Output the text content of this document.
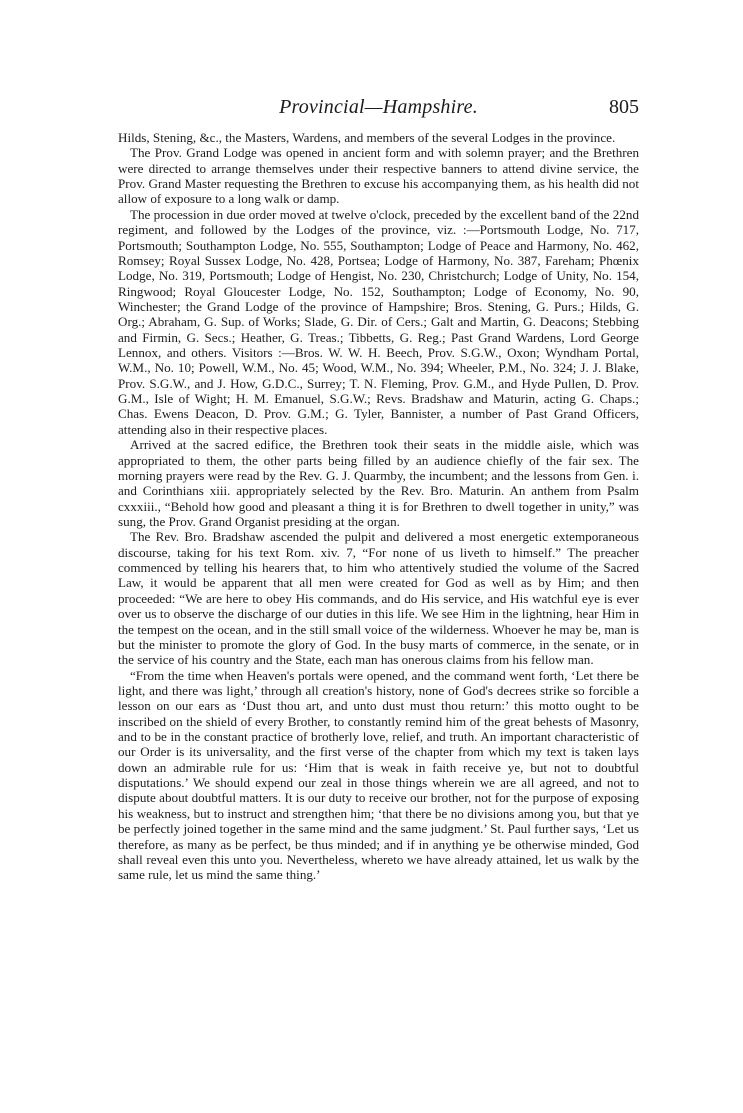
Provincial—Hampshire.	805

Hilds, Stening, &c., the Masters, Wardens, and members of the several Lodges in the province.

The Prov. Grand Lodge was opened in ancient form and with solemn prayer; and the Brethren were directed to arrange themselves under their respective banners to attend divine service, the Prov. Grand Master requesting the Brethren to excuse his accompanying them, as his health did not allow of exposure to a long walk or damp.

The procession in due order moved at twelve o'clock, preceded by the excellent band of the 22nd regiment, and followed by the Lodges of the province, viz. :—Portsmouth Lodge, No. 717, Portsmouth; Southampton Lodge, No. 555, Southampton; Lodge of Peace and Harmony, No. 462, Romsey; Royal Sussex Lodge, No. 428, Portsea; Lodge of Harmony, No. 387, Fareham; Phœnix Lodge, No. 319, Portsmouth; Lodge of Hengist, No. 230, Christchurch; Lodge of Unity, No. 154, Ringwood; Royal Gloucester Lodge, No. 152, Southampton; Lodge of Economy, No. 90, Winchester; the Grand Lodge of the province of Hampshire; Bros. Stening, G. Purs.; Hilds, G. Org.; Abraham, G. Sup. of Works; Slade, G. Dir. of Cers.; Galt and Martin, G. Deacons; Stebbing and Firmin, G. Secs.; Heather, G. Treas.; Tibbetts, G. Reg.; Past Grand Wardens, Lord George Lennox, and others. Visitors :—Bros. W. W. H. Beech, Prov. S.G.W., Oxon; Wyndham Portal, W.M., No. 10; Powell, W.M., No. 45; Wood, W.M., No. 394; Wheeler, P.M., No. 324; J. J. Blake, Prov. S.G.W., and J. How, G.D.C., Surrey; T. N. Fleming, Prov. G.M., and Hyde Pullen, D. Prov. G.M., Isle of Wight; H. M. Emanuel, S.G.W.; Revs. Bradshaw and Maturin, acting G. Chaps.; Chas. Ewens Deacon, D. Prov. G.M.; G. Tyler, Bannister, a number of Past Grand Officers, attending also in their respective places.

Arrived at the sacred edifice, the Brethren took their seats in the middle aisle, which was appropriated to them, the other parts being filled by an audience chiefly of the fair sex. The morning prayers were read by the Rev. G. J. Quarmby, the incumbent; and the lessons from Gen. i. and Corinthians xiii. appropriately selected by the Rev. Bro. Maturin. An anthem from Psalm cxxxiii., “Behold how good and pleasant a thing it is for Brethren to dwell together in unity,” was sung, the Prov. Grand Organist presiding at the organ.

The Rev. Bro. Bradshaw ascended the pulpit and delivered a most energetic extemporaneous discourse, taking for his text Rom. xiv. 7, “For none of us liveth to himself.” The preacher commenced by telling his hearers that, to him who attentively studied the volume of the Sacred Law, it would be apparent that all men were created for God as well as by Him; and then proceeded: “We are here to obey His commands, and do His service, and His watchful eye is ever over us to observe the discharge of our duties in this life. We see Him in the lightning, hear Him in the tempest on the ocean, and in the still small voice of the wilderness. Whoever he may be, man is but the minister to promote the glory of God. In the busy marts of commerce, in the senate, or in the service of his country and the State, each man has onerous claims from his fellow man.

“From the time when Heaven's portals were opened, and the command went forth, ‘Let there be light, and there was light,’ through all creation's history, none of God's decrees strike so forcible a lesson on our ears as ‘Dust thou art, and unto dust must thou return:’ this motto ought to be inscribed on the shield of every Brother, to constantly remind him of the great behests of Masonry, and to be in the constant practice of brotherly love, relief, and truth. An important characteristic of our Order is its universality, and the first verse of the chapter from which my text is taken lays down an admirable rule for us: ‘Him that is weak in faith receive ye, but not to doubtful disputations.’ We should expend our zeal in those things wherein we are all agreed, and not to dispute about doubtful matters. It is our duty to receive our brother, not for the purpose of exposing his weakness, but to instruct and strengthen him; ‘that there be no divisions among you, but that ye be perfectly joined together in the same mind and the same judgment.’ St. Paul further says, ‘Let us therefore, as many as be perfect, be thus minded; and if in anything ye be otherwise minded, God shall reveal even this unto you. Nevertheless, whereto we have already attained, let us walk by the same rule, let us mind the same thing.’
